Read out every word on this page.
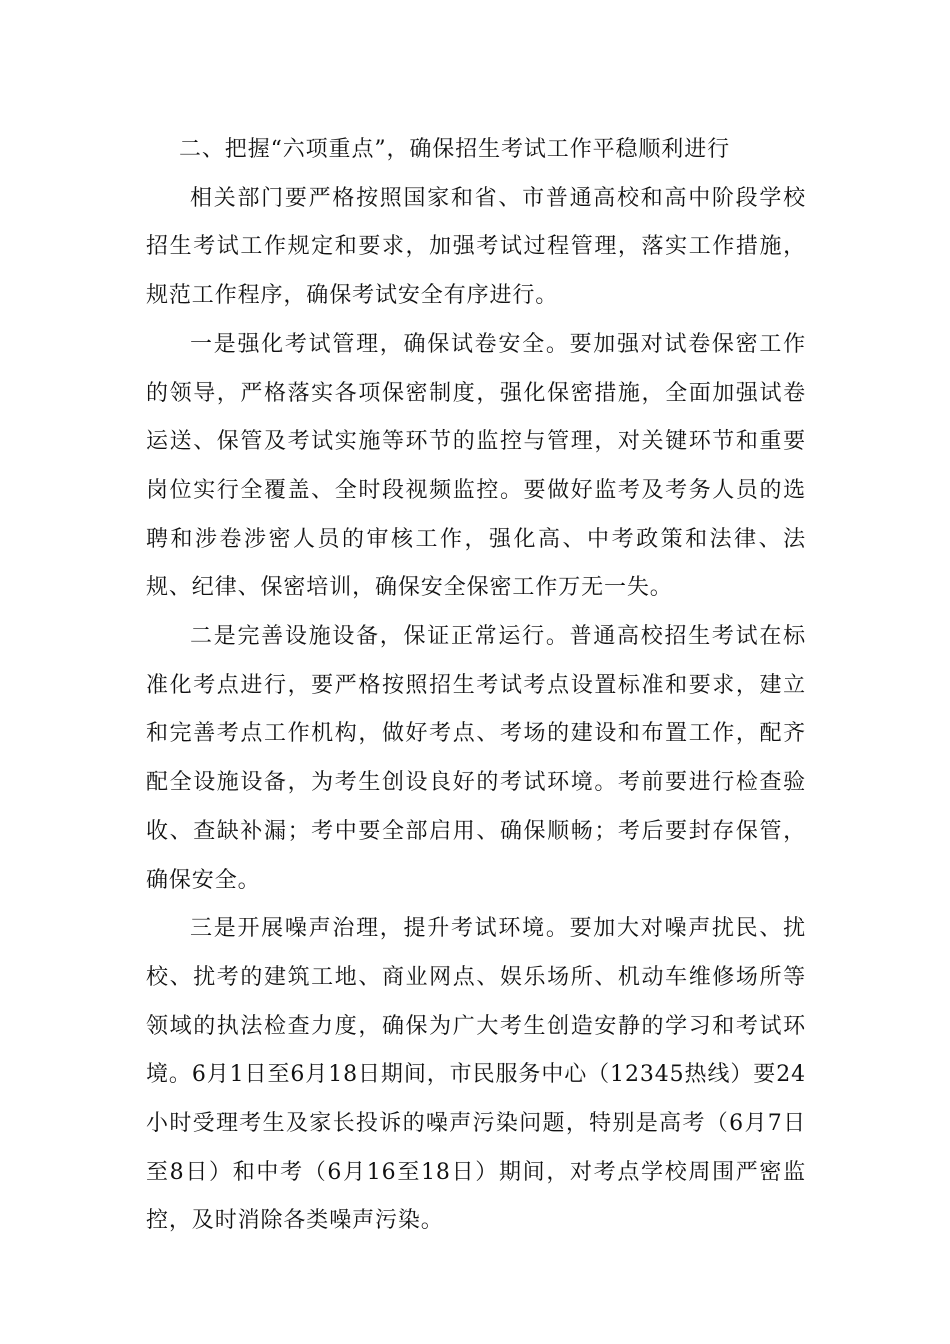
二、把握“六项重点”，确保招生考试工作平稳顺利进行

相关部门要严格按照国家和省、市普通高校和高中阶段学校招生考试工作规定和要求，加强考试过程管理，落实工作措施，规范工作程序，确保考试安全有序进行。

一是强化考试管理，确保试卷安全。要加强对试卷保密工作的领导，严格落实各项保密制度，强化保密措施，全面加强试卷运送、保管及考试实施等环节的监控与管理，对关键环节和重要岗位实行全覆盖、全时段视频监控。要做好监考及考务人员的选聘和涉卷涉密人员的审核工作，强化高、中考政策和法律、法规、纪律、保密培训，确保安全保密工作万无一失。

二是完善设施设备，保证正常运行。普通高校招生考试在标准化考点进行，要严格按照招生考试考点设置标准和要求，建立和完善考点工作机构，做好考点、考场的建设和布置工作，配齐配全设施设备，为考生创设良好的考试环境。考前要进行检查验收、查缺补漏；考中要全部启用、确保顺畅；考后要封存保管，确保安全。

三是开展噪声治理，提升考试环境。要加大对噪声扰民、扰校、扰考的建筑工地、商业网点、娱乐场所、机动车维修场所等领域的执法检查力度，确保为广大考生创造安静的学习和考试环境。6月1日至6月18日期间，市民服务中心（12345热线）要24小时受理考生及家长投诉的噪声污染问题，特别是高考（6月7日至8日）和中考（6月16至18日）期间，对考点学校周围严密监控，及时消除各类噪声污染。
